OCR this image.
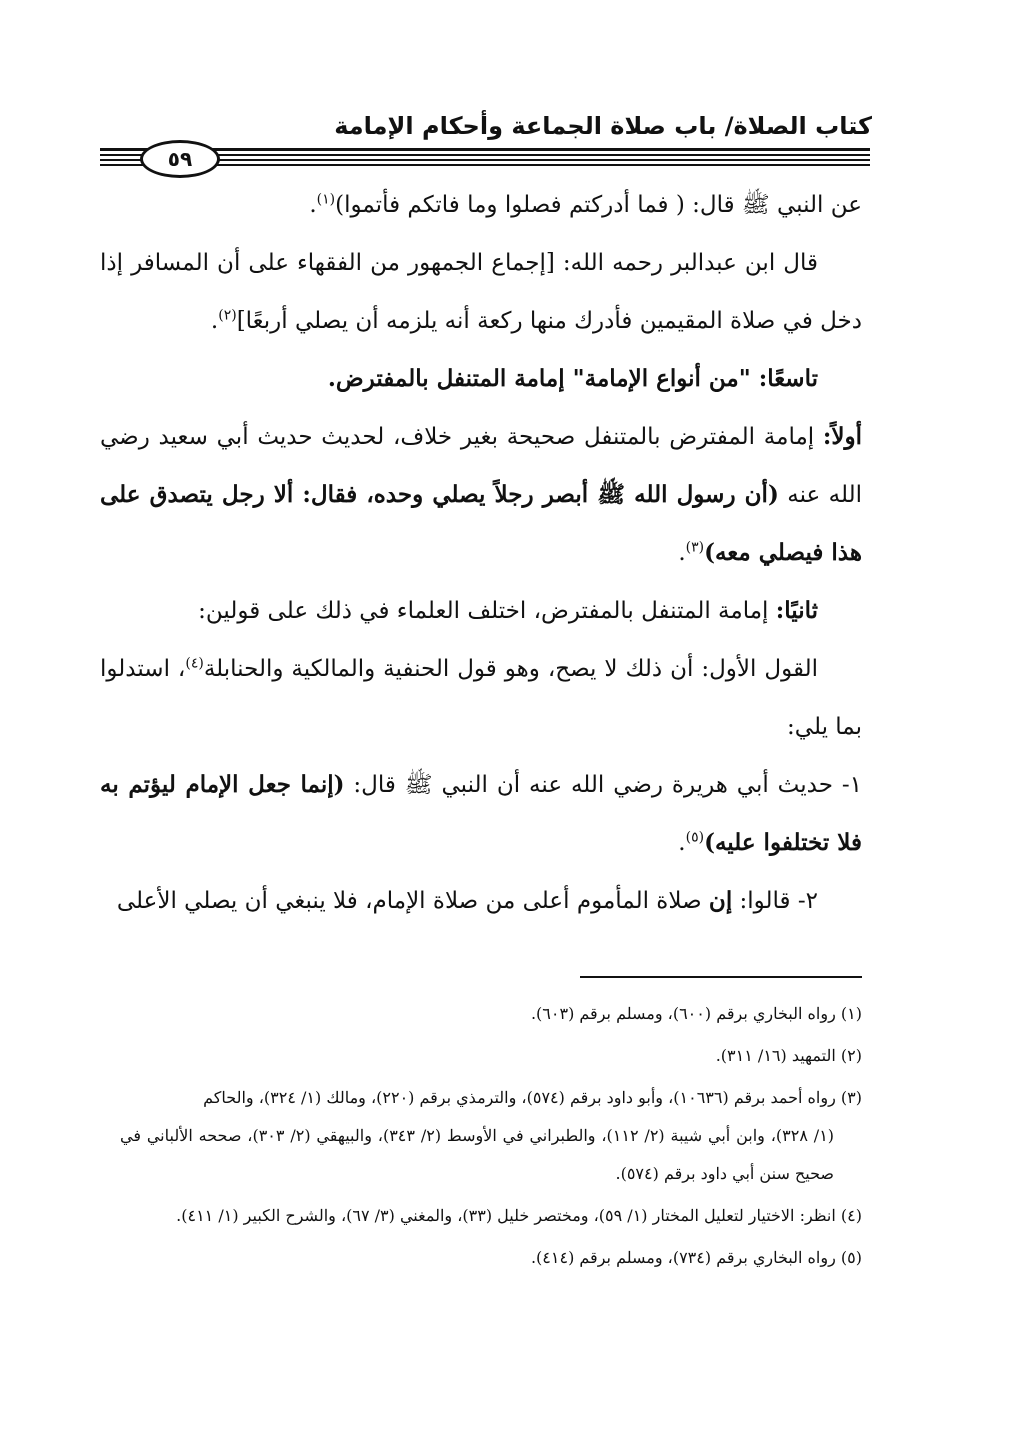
كتاب الصلاة/ باب صلاة الجماعة وأحكام الإمامة
٥٩

عن النبي ﷺ قال: ( فما أدركتم فصلوا وما فاتكم فأتموا)$^{(١)}$.

قال ابن عبدالبر رحمه الله: [إجماع الجمهور من الفقهاء على أن المسافر إذا دخل في صلاة المقيمين فأدرك منها ركعة أنه يلزمه أن يصلي أربعًا]$^{(٢)}$.

تاسعًا: "من أنواع الإمامة" إمامة المتنفل بالمفترض.

أولاً: إمامة المفترض بالمتنفل صحيحة بغير خلاف، لحديث حديث أبي سعيد رضي الله عنه (أن رسول الله ﷺ أبصر رجلاً يصلي وحده، فقال: ألا رجل يتصدق على هذا فيصلي معه)$^{(٣)}$.

ثانيًا: إمامة المتنفل بالمفترض، اختلف العلماء في ذلك على قولين:

القول الأول: أن ذلك لا يصح، وهو قول الحنفية والمالكية والحنابلة$^{(٤)}$، استدلوا بما يلي:

١- حديث أبي هريرة رضي الله عنه أن النبي ﷺ قال: (إنما جعل الإمام ليؤتم به فلا تختلفوا عليه)$^{(٥)}$.

٢- قالوا: إن صلاة المأموم أعلى من صلاة الإمام، فلا ينبغي أن يصلي الأعلى

(١) رواه البخاري برقم (٦٠٠)، ومسلم برقم (٦٠٣).

(٢) التمهيد (١٦/ ٣١١).

(٣) رواه أحمد برقم (١٠٦٣٦)، وأبو داود برقم (٥٧٤)، والترمذي برقم (٢٢٠)، ومالك (١/ ٣٢٤)، والحاكم

(١/ ٣٢٨)، وابن أبي شيبة (٢/ ١١٢)، والطبراني في الأوسط (٢/ ٣٤٣)، والبيهقي (٢/ ٣٠٣)، صححه الألباني في صحيح سنن أبي داود برقم (٥٧٤).

(٤) انظر: الاختيار لتعليل المختار (١/ ٥٩)، ومختصر خليل (٣٣)، والمغني (٣/ ٦٧)، والشرح الكبير (١/ ٤١١).

(٥) رواه البخاري برقم (٧٣٤)، ومسلم برقم (٤١٤).
